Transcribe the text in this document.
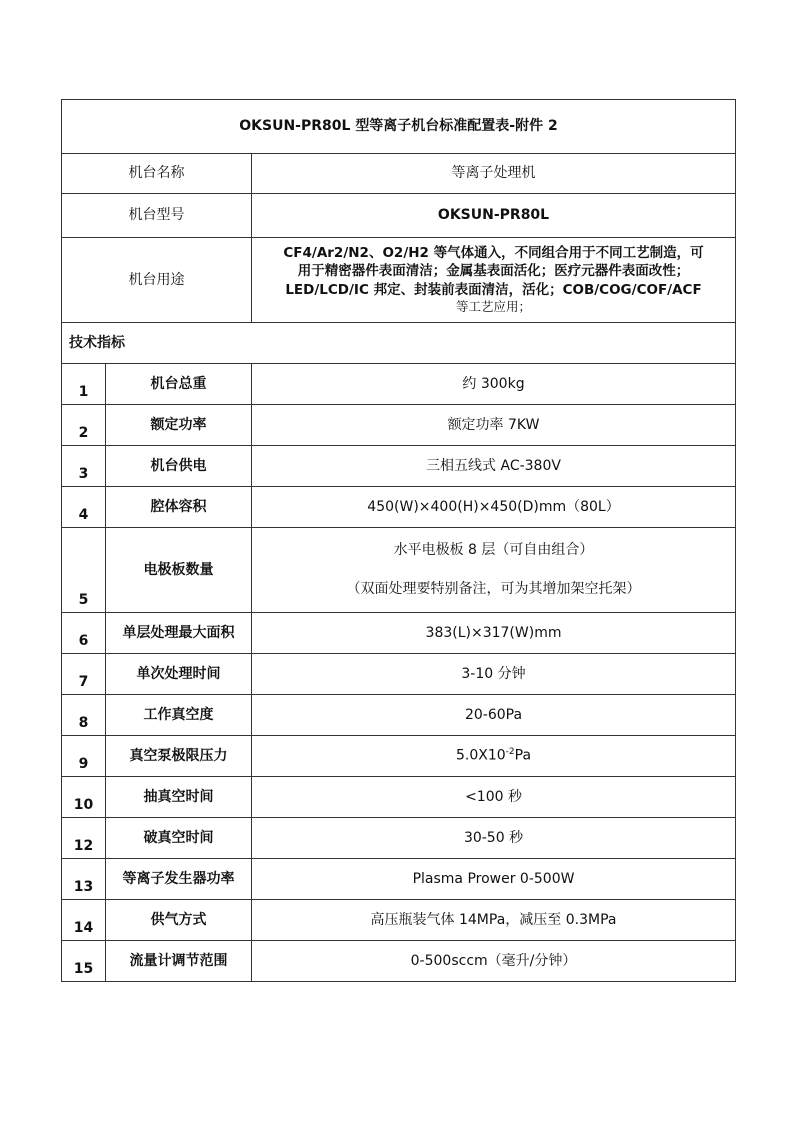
OKSUN-PR80L 型等离子机台标准配置表-附件 2		
机台名称		等离子处理机
机台型号		OKSUN-PR80L
机台用途		CF4/Ar2/N2、O2/H2 等气体通入，不同组合用于不同工艺制造，可
用于精密器件表面清洁；金属基表面活化；医疗元器件表面改性；
LED/LCD/IC 邦定、封装前表面清洁，活化；COB/COG/COF/ACF
等工艺应用；

技术指标		
1	机台总重	约 300kg
2	额定功率	额定功率 7KW
3	机台供电	三相五线式 AC-380V
4	腔体容积	450(W)×400(H)×450(D)mm（80L）
5	电极板数量	水平电极板 8 层（可自由组合）
（双面处理要特别备注，可为其增加架空托架）

6	单层处理最大面积	383(L)×317(W)mm
7	单次处理时间	3-10 分钟
8	工作真空度	20-60Pa
9	真空泵极限压力	$5.0X10^{-2}Pa$
10	抽真空时间	<100 秒
12	破真空时间	30-50 秒
13	等离子发生器功率	Plasma Prower 0-500W
14	供气方式	高压瓶装气体 14MPa，减压至 0.3MPa
15	流量计调节范围	0-500sccm（毫升/分钟）
